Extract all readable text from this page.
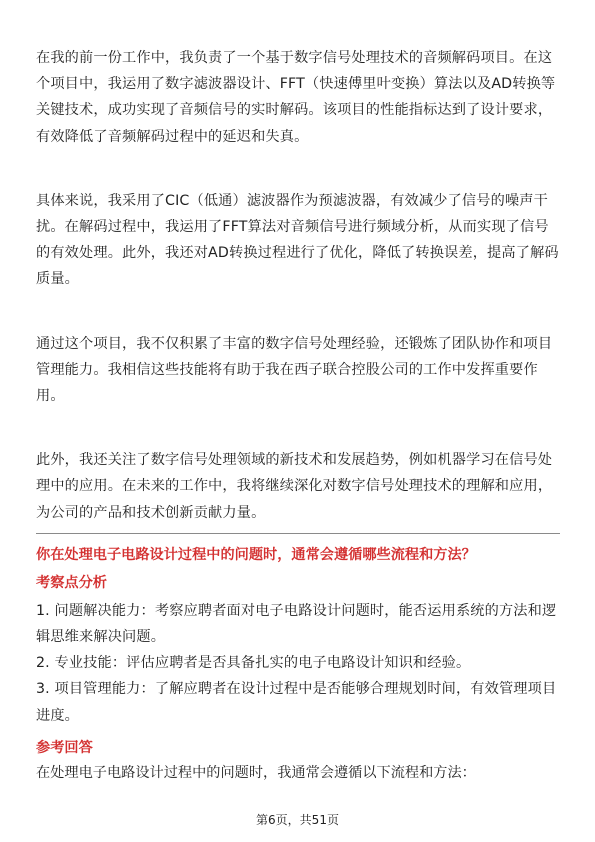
在我的前一份工作中，我负责了一个基于数字信号处理技术的音频解码项目。在这个项目中，我运用了数字滤波器设计、FFT（快速傅里叶变换）算法以及AD转换等关键技术，成功实现了音频信号的实时解码。该项目的性能指标达到了设计要求，有效降低了音频解码过程中的延迟和失真。

具体来说，我采用了CIC（低通）滤波器作为预滤波器，有效减少了信号的噪声干扰。在解码过程中，我运用了FFT算法对音频信号进行频域分析，从而实现了信号的有效处理。此外，我还对AD转换过程进行了优化，降低了转换误差，提高了解码质量。

通过这个项目，我不仅积累了丰富的数字信号处理经验，还锻炼了团队协作和项目管理能力。我相信这些技能将有助于我在西子联合控股公司的工作中发挥重要作用。

此外，我还关注了数字信号处理领域的新技术和发展趋势，例如机器学习在信号处理中的应用。在未来的工作中，我将继续深化对数字信号处理技术的理解和应用，为公司的产品和技术创新贡献力量。

你在处理电子电路设计过程中的问题时，通常会遵循哪些流程和方法？

考察点分析

1. 问题解决能力：考察应聘者面对电子电路设计问题时，能否运用系统的方法和逻辑思维来解决问题。
2. 专业技能：评估应聘者是否具备扎实的电子电路设计知识和经验。
3. 项目管理能力：了解应聘者在设计过程中是否能够合理规划时间，有效管理项目进度。

参考回答

在处理电子电路设计过程中的问题时，我通常会遵循以下流程和方法：

第6页，共51页
